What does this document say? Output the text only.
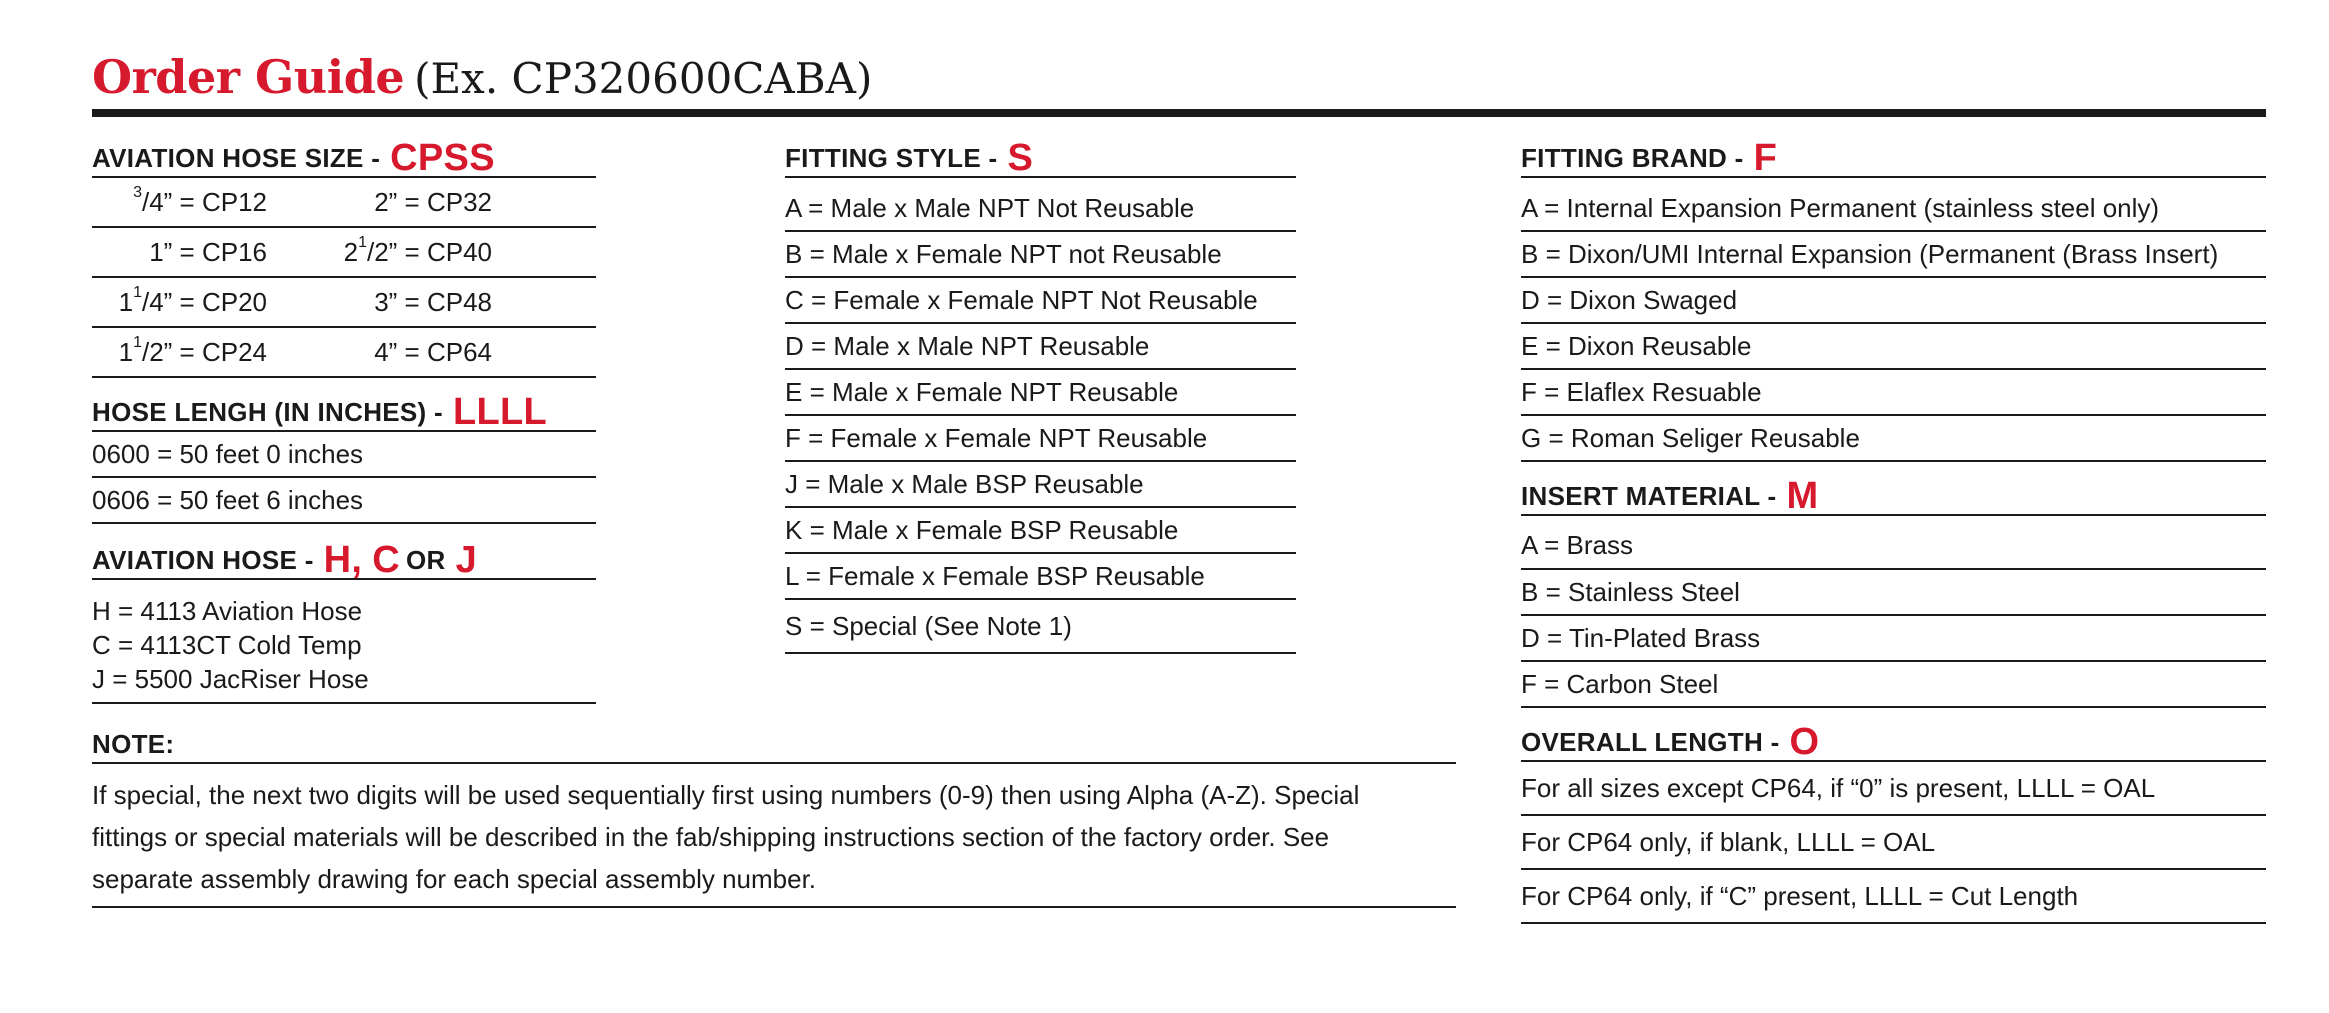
Order Guide (Ex. CP320600CABA)
AVIATION HOSE SIZE - CPSS
$^3$/4” = CP12	2” = CP32
1” = CP16	$2^1/2$” = CP40
$1^1/4$” = CP20	3” = CP48
$1^1/2$” = CP24	4” = CP64
HOSE LENGH (IN INCHES) - LLLL
0600 = 50 feet 0 inches
0606 = 50 feet 6 inches
AVIATION HOSE - H , C OR J
H = 4113 Aviation Hose
C = 4113CT Cold Temp
J = 5500 JacRiser Hose
NOTE:
If special, the next two digits will be used sequentially first using numbers (0-9) then using Alpha (A-Z). Special
fittings or special materials will be described in the fab/shipping instructions section of the factory order. See
separate assembly drawing for each special assembly number.
FITTING STYLE - S
A = Male x Male NPT Not Reusable
B = Male x Female NPT not Reusable
C = Female x Female NPT Not Reusable
D = Male x Male NPT Reusable
E = Male x Female NPT Reusable
F = Female x Female NPT Reusable
J = Male x Male BSP Reusable
K = Male x Female BSP Reusable
L = Female x Female BSP Reusable
S = Special (See Note 1)
FITTING BRAND - F
A = Internal Expansion Permanent (stainless steel only)
B = Dixon/UMI Internal Expansion (Permanent (Brass Insert)
D = Dixon Swaged
E = Dixon Reusable
F = Elaflex Resuable
G = Roman Seliger Reusable
INSERT MATERIAL - M
A = Brass
B = Stainless Steel
D = Tin-Plated Brass
F = Carbon Steel
OVERALL LENGTH - O
For all sizes except CP64, if “0” is present, LLLL = OAL
For CP64 only, if blank, LLLL = OAL
For CP64 only, if “C” present, LLLL = Cut Length
